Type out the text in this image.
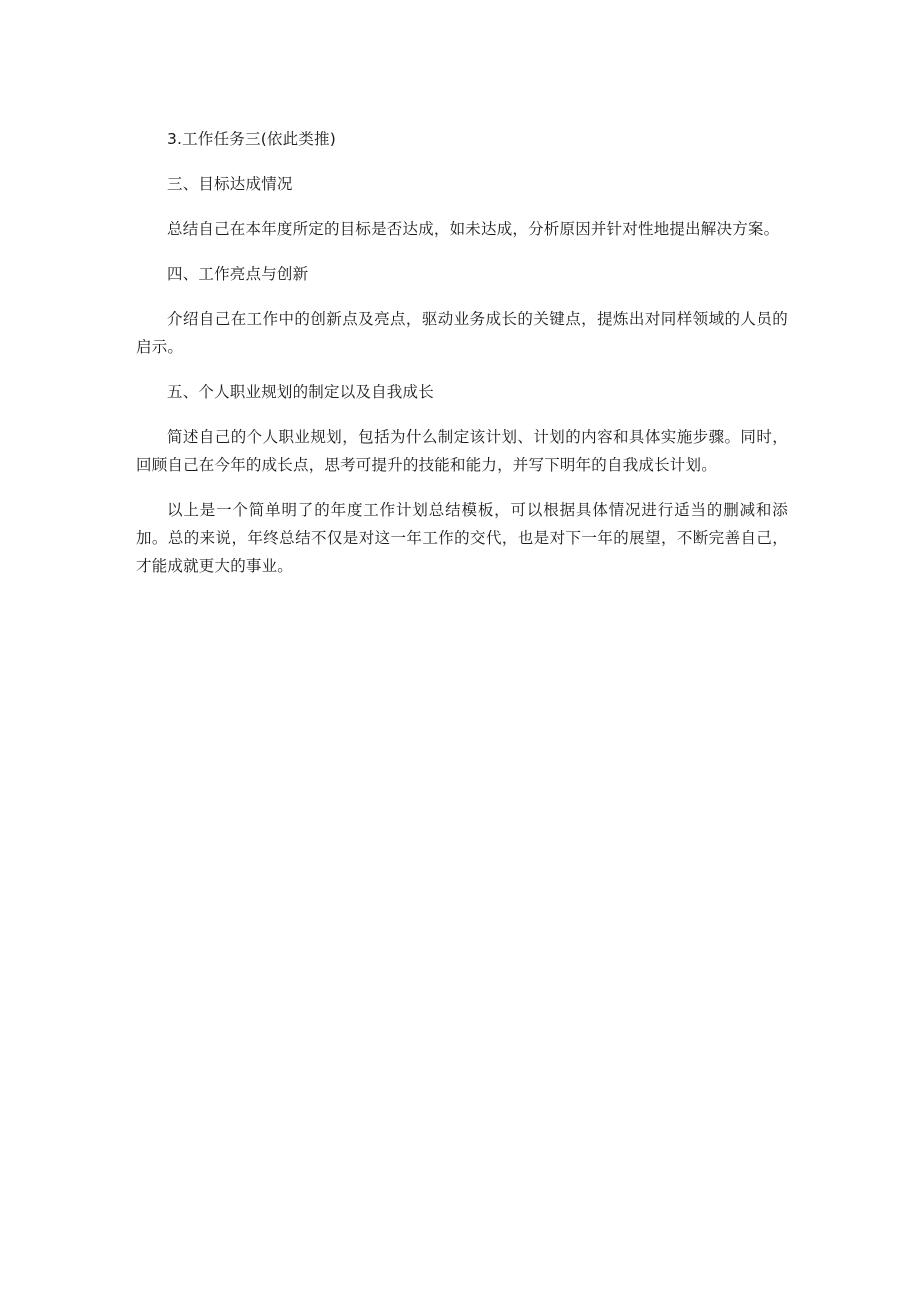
3.工作任务三(依此类推)

三、目标达成情况

总结自己在本年度所定的目标是否达成，如未达成，分析原因并针对性地提出解决方案。

四、工作亮点与创新

介绍自己在工作中的创新点及亮点，驱动业务成长的关键点，提炼出对同样领域的人员的启示。

五、个人职业规划的制定以及自我成长

简述自己的个人职业规划，包括为什么制定该计划、计划的内容和具体实施步骤。同时，回顾自己在今年的成长点，思考可提升的技能和能力，并写下明年的自我成长计划。

以上是一个简单明了的年度工作计划总结模板，可以根据具体情况进行适当的删减和添加。总的来说，年终总结不仅是对这一年工作的交代，也是对下一年的展望，不断完善自己，才能成就更大的事业。
